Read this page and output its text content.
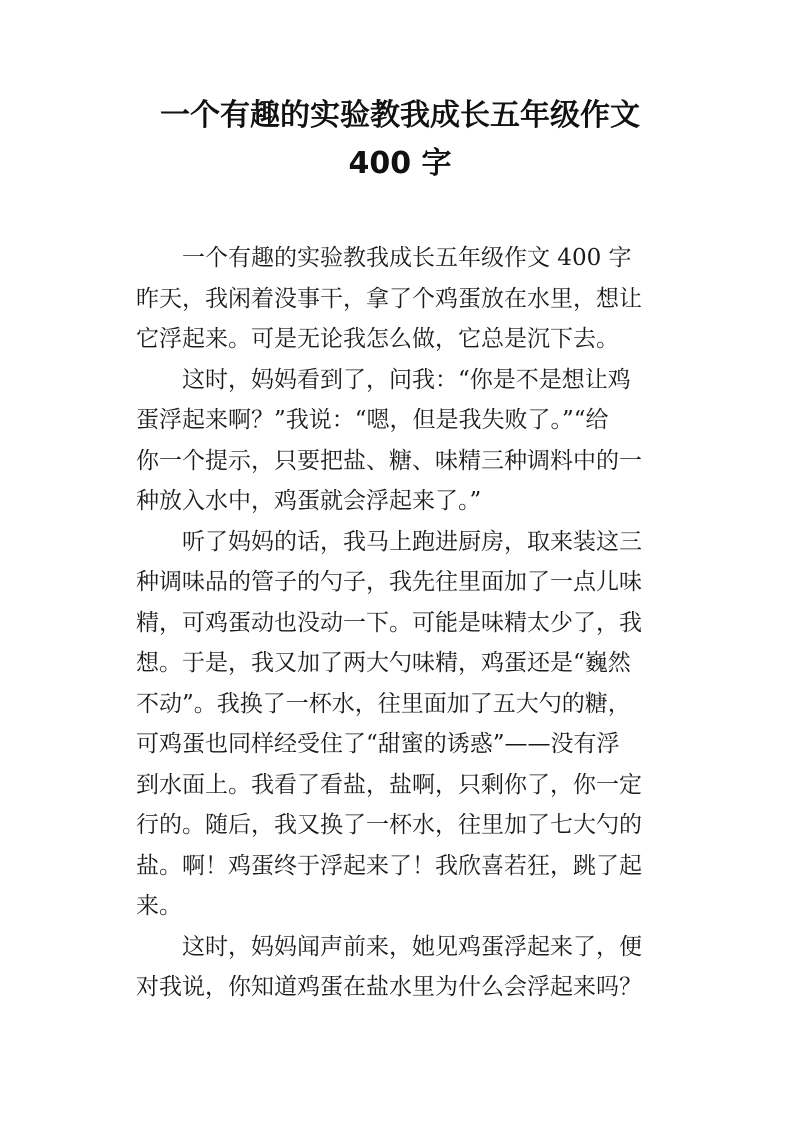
一个有趣的实验教我成长五年级作文
400 字
一个有趣的实验教我成长五年级作文 400 字
昨天，我闲着没事干，拿了个鸡蛋放在水里，想让
它浮起来。可是无论我怎么做，它总是沉下去。
这时，妈妈看到了，问我：“你是不是想让鸡
蛋浮起来啊？”我说：“嗯，但是我失败了。”“给
你一个提示，只要把盐、糖、味精三种调料中的一
种放入水中，鸡蛋就会浮起来了。”
听了妈妈的话，我马上跑进厨房，取来装这三
种调味品的管子的勺子，我先往里面加了一点儿味
精，可鸡蛋动也没动一下。可能是味精太少了，我
想。于是，我又加了两大勺味精，鸡蛋还是“巍然
不动”。我换了一杯水，往里面加了五大勺的糖，
可鸡蛋也同样经受住了“甜蜜的诱惑”——没有浮
到水面上。我看了看盐，盐啊，只剩你了，你一定
行的。随后，我又换了一杯水，往里加了七大勺的
盐。啊！鸡蛋终于浮起来了！我欣喜若狂，跳了起
来。
这时，妈妈闻声前来，她见鸡蛋浮起来了，便
对我说，你知道鸡蛋在盐水里为什么会浮起来吗？
